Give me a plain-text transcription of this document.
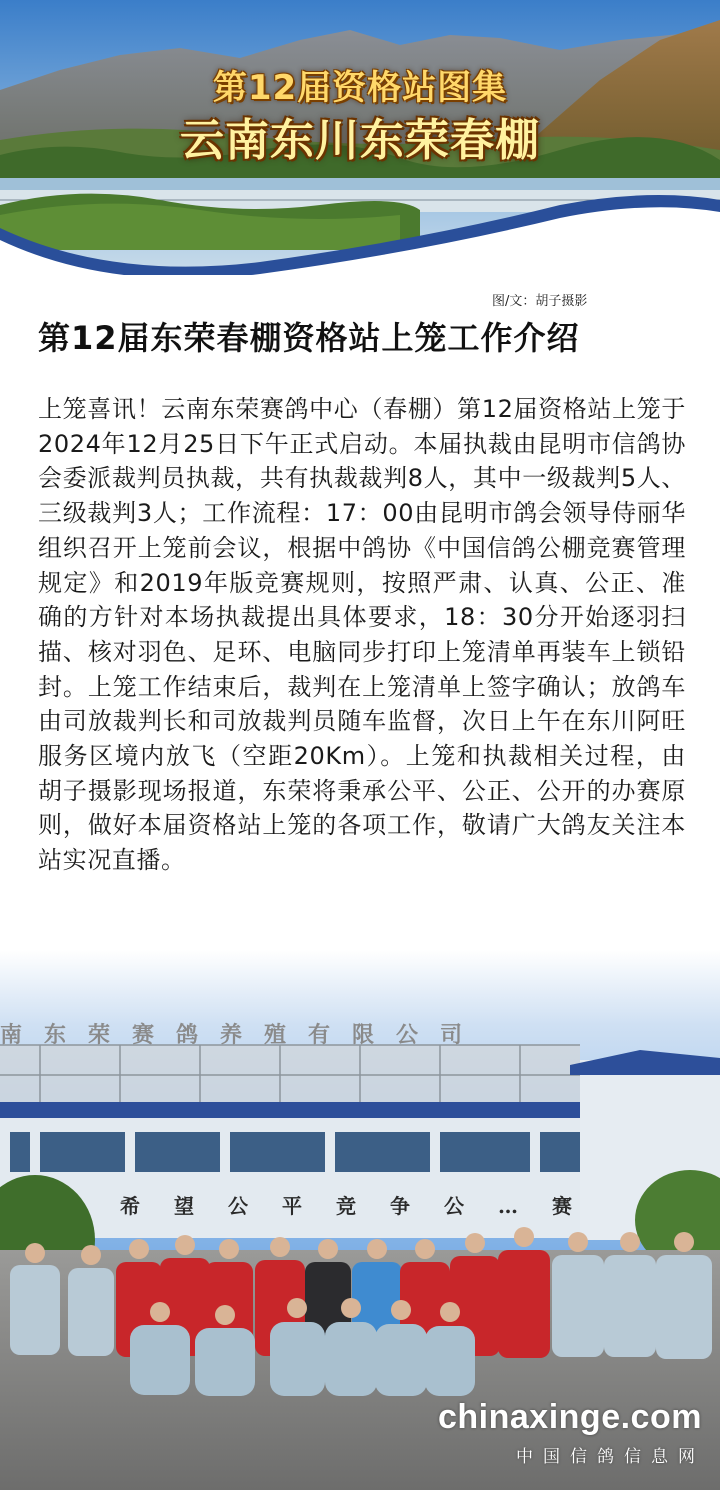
第12届资格站图集
云南东川东荣春棚
图/文：胡子摄影
第12届东荣春棚资格站上笼工作介绍
上笼喜讯！云南东荣赛鸽中心（春棚）第12届资格站上笼于2024年12月25日下午正式启动。本届执裁由昆明市信鸽协会委派裁判员执裁，共有执裁裁判8人，其中一级裁判5人、三级裁判3人；工作流程：17：00由昆明市鸽会领导侍丽华组织召开上笼前会议，根据中鸽协《中国信鸽公棚竞赛管理规定》和2019年版竞赛规则，按照严肃、认真、公正、准确的方针对本场执裁提出具体要求，18：30分开始逐羽扫描、核对羽色、足环、电脑同步打印上笼清单再装车上锁铅封。上笼工作结束后，裁判在上笼清单上签字确认；放鸽车由司放裁判长和司放裁判员随车监督，次日上午在东川阿旺服务区境内放飞（空距20Km）。上笼和执裁相关过程，由胡子摄影现场报道，东荣将秉承公平、公正、公开的办赛原则，做好本届资格站上笼的各项工作，敬请广大鸽友关注本站实况直播。
南东荣赛鸽养殖有限公司
希望公平竞争公…赛
chinaxinge.com
中国信鸽信息网
